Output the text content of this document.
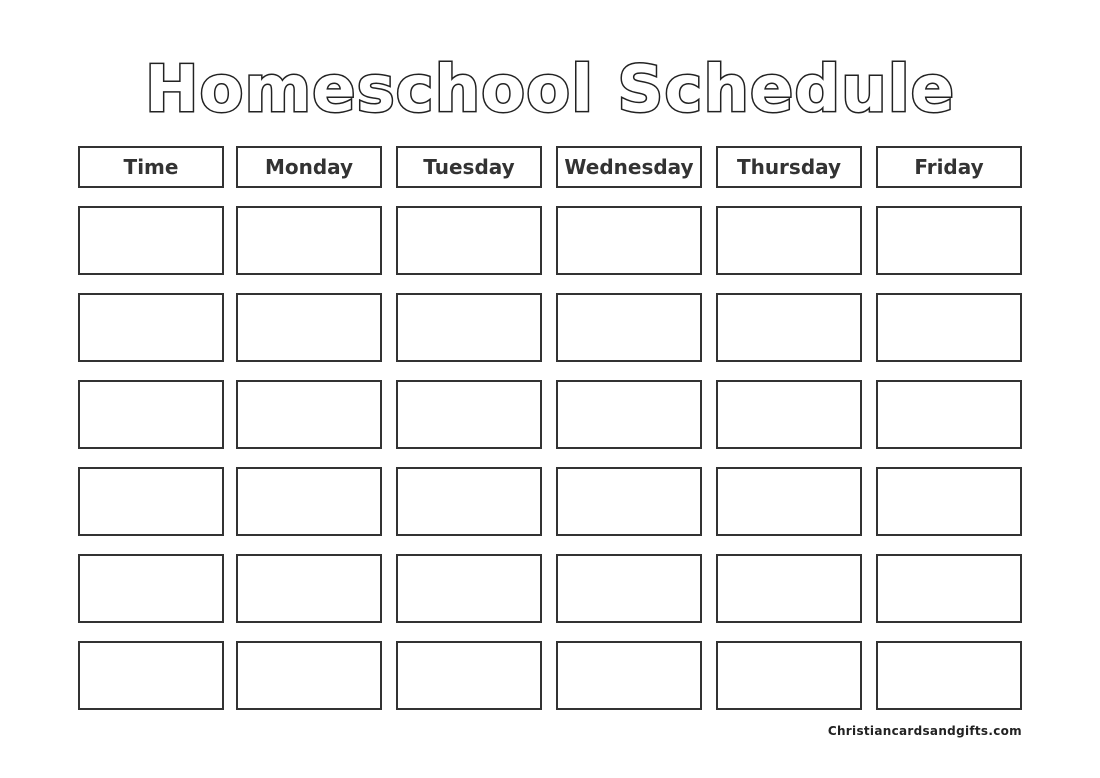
Homeschool Schedule
Time	Monday	Tuesday	Wednesday	Thursday	Friday
Christiancardsandgifts.com
